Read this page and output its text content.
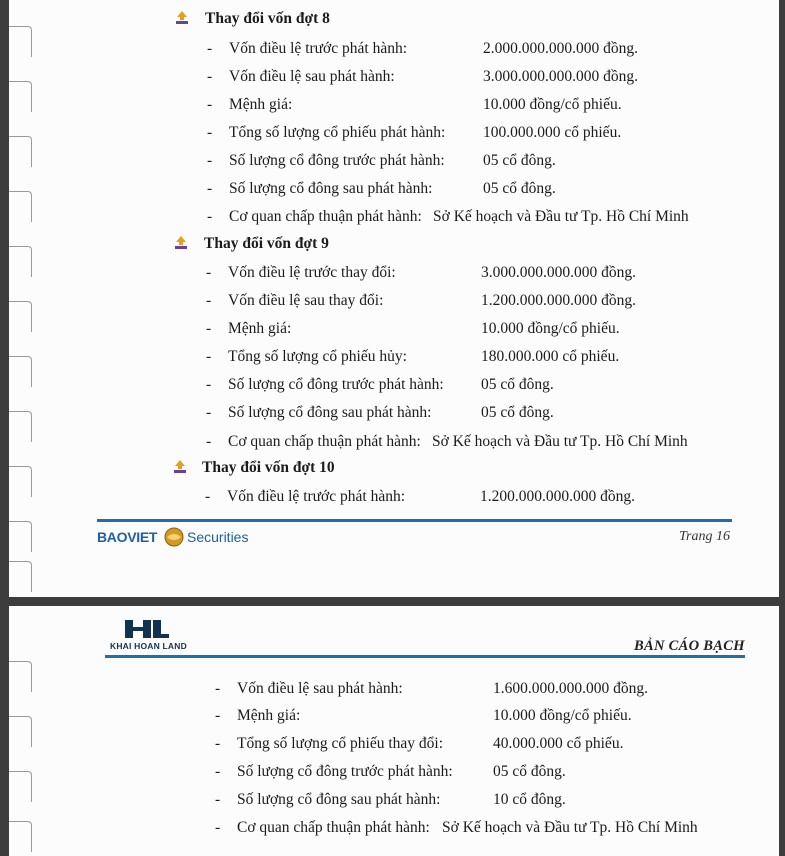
Thay đổi vốn đợt 8
- Vốn điều lệ trước phát hành:	2.000.000.000.000 đồng.
- Vốn điều lệ sau phát hành:	3.000.000.000.000 đồng.
- Mệnh giá:	10.000 đồng/cổ phiếu.
- Tổng số lượng cổ phiếu phát hành: 100.000.000 cổ phiếu.
- Số lượng cổ đông trước phát hành: 05 cổ đông.
- Số lượng cổ đông sau phát hành:	05 cổ đông.
- Cơ quan chấp thuận phát hành: Sở Kế hoạch và Đầu tư Tp. Hồ Chí Minh
Thay đổi vốn đợt 9
- Vốn điều lệ trước thay đổi:	3.000.000.000.000 đồng.
- Vốn điều lệ sau thay đổi:	1.200.000.000.000 đồng.
- Mệnh giá:	10.000 đồng/cổ phiếu.
- Tổng số lượng cổ phiếu hủy:	180.000.000 cổ phiếu.
- Số lượng cổ đông trước phát hành: 05 cổ đông.
- Số lượng cổ đông sau phát hành:	05 cổ đông.
- Cơ quan chấp thuận phát hành: Sở Kế hoạch và Đầu tư Tp. Hồ Chí Minh
Thay đổi vốn đợt 10
- Vốn điều lệ trước phát hành:	1.200.000.000.000 đồng.
BAOVIET Securities	Trang 16
KHAI HOAN LAND	BẢN CÁO BẠCH
- Vốn điều lệ sau phát hành:	1.600.000.000.000 đồng.
- Mệnh giá:	10.000 đồng/cổ phiếu.
- Tổng số lượng cổ phiếu thay đổi:	40.000.000 cổ phiếu.
- Số lượng cổ đông trước phát hành:	05 cổ đông.
- Số lượng cổ đông sau phát hành:	10 cổ đông.
- Cơ quan chấp thuận phát hành: Sở Kế hoạch và Đầu tư Tp. Hồ Chí Minh
